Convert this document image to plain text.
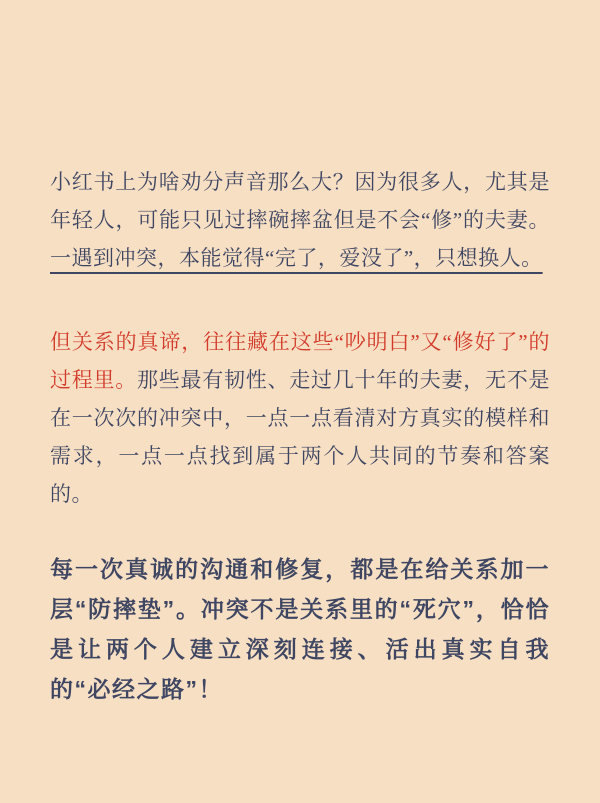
小红书上为啥劝分声音那么大？因为很多人，尤其是年轻人，可能只见过摔碗摔盆但是不会“修”的夫妻。一遇到冲突，本能觉得“完了，爱没了”，只想换人。

但关系的真谛，往往藏在这些“吵明白”又“修好了”的过程里。那些最有韧性、走过几十年的夫妻，无不是在一次次的冲突中，一点一点看清对方真实的模样和需求，一点一点找到属于两个人共同的节奏和答案的。

每一次真诚的沟通和修复，都是在给关系加一层“防摔垫”。冲突不是关系里的“死穴”，恰恰是让两个人建立深刻连接、活出真实自我的“必经之路”！
